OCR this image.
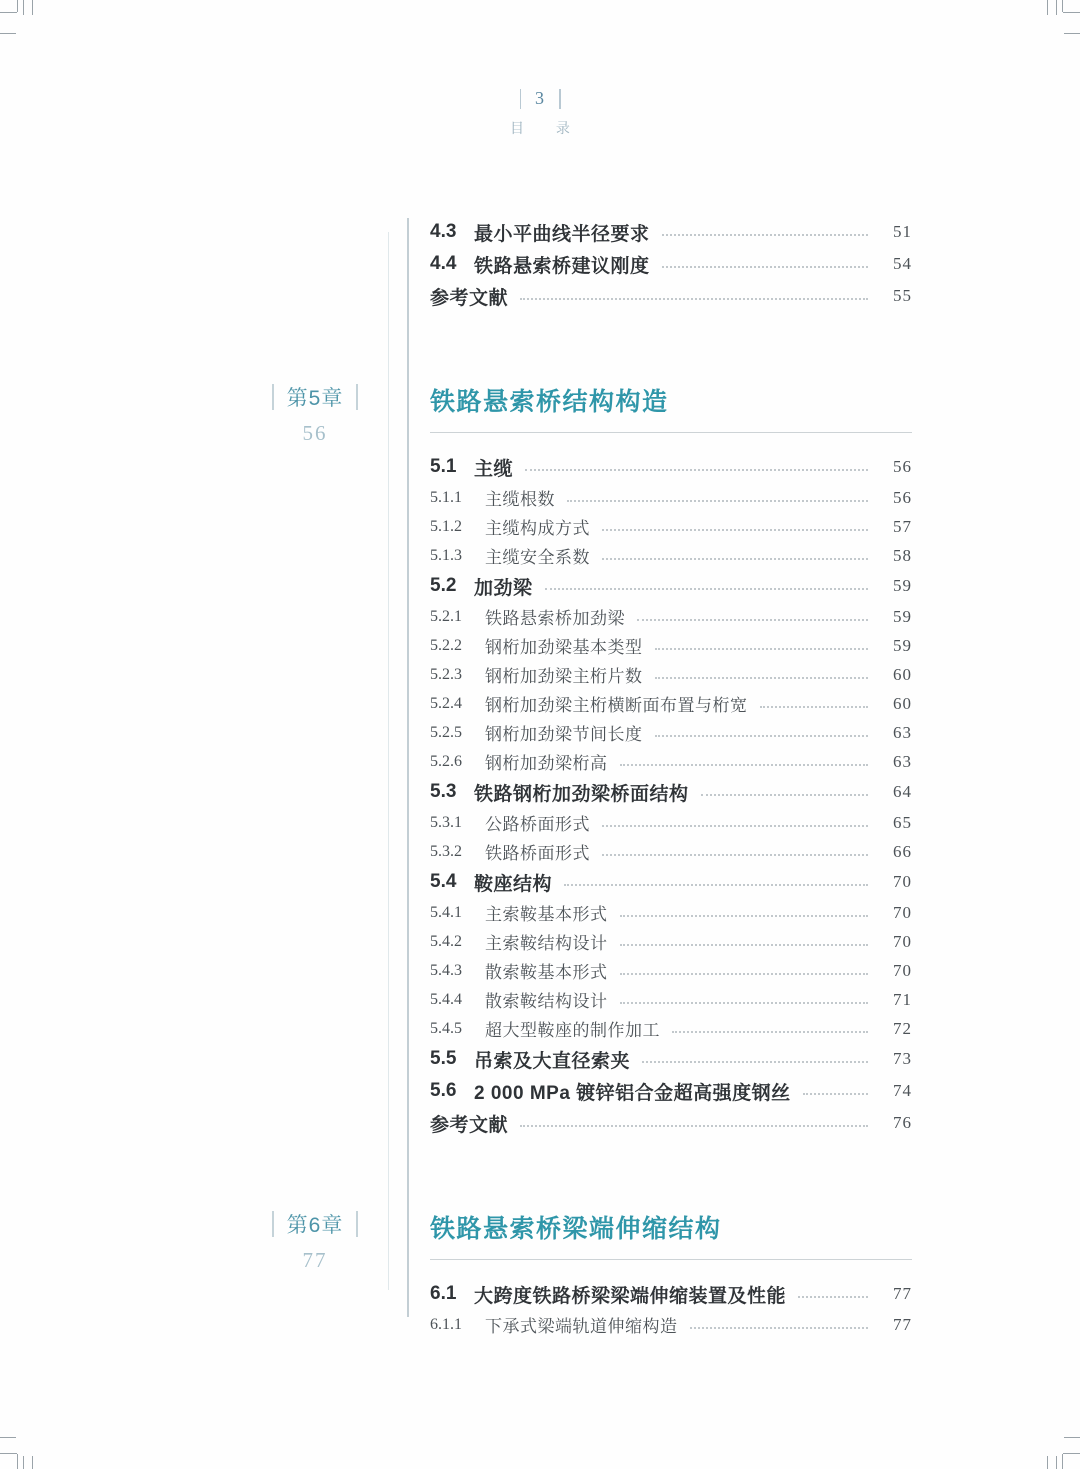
3
目 录
4.3 最小平曲线半径要求	51
4.4 铁路悬索桥建议刚度	54
参考文献	55
第5章
56
铁路悬索桥结构构造
5.1 主缆	56
5.1.1	主缆根数	56
5.1.2	主缆构成方式	57
5.1.3	主缆安全系数	58
5.2 加劲梁	59
5.2.1	铁路悬索桥加劲梁	59
5.2.2	钢桁加劲梁基本类型	59
5.2.3	钢桁加劲梁主桁片数	60
5.2.4	钢桁加劲梁主桁横断面布置与桁宽	60
5.2.5	钢桁加劲梁节间长度	63
5.2.6	钢桁加劲梁桁高	63
5.3 铁路钢桁加劲梁桥面结构	64
5.3.1	公路桥面形式	65
5.3.2	铁路桥面形式	66
5.4 鞍座结构	70
5.4.1	主索鞍基本形式	70
5.4.2	主索鞍结构设计	70
5.4.3	散索鞍基本形式	70
5.4.4	散索鞍结构设计	71
5.4.5	超大型鞍座的制作加工	72
5.5 吊索及大直径索夹	73
5.6 2 000 MPa 镀锌铝合金超高强度钢丝	74
参考文献	76
第6章
77
铁路悬索桥梁端伸缩结构
6.1 大跨度铁路桥梁梁端伸缩装置及性能	77
6.1.1	下承式梁端轨道伸缩构造	77
